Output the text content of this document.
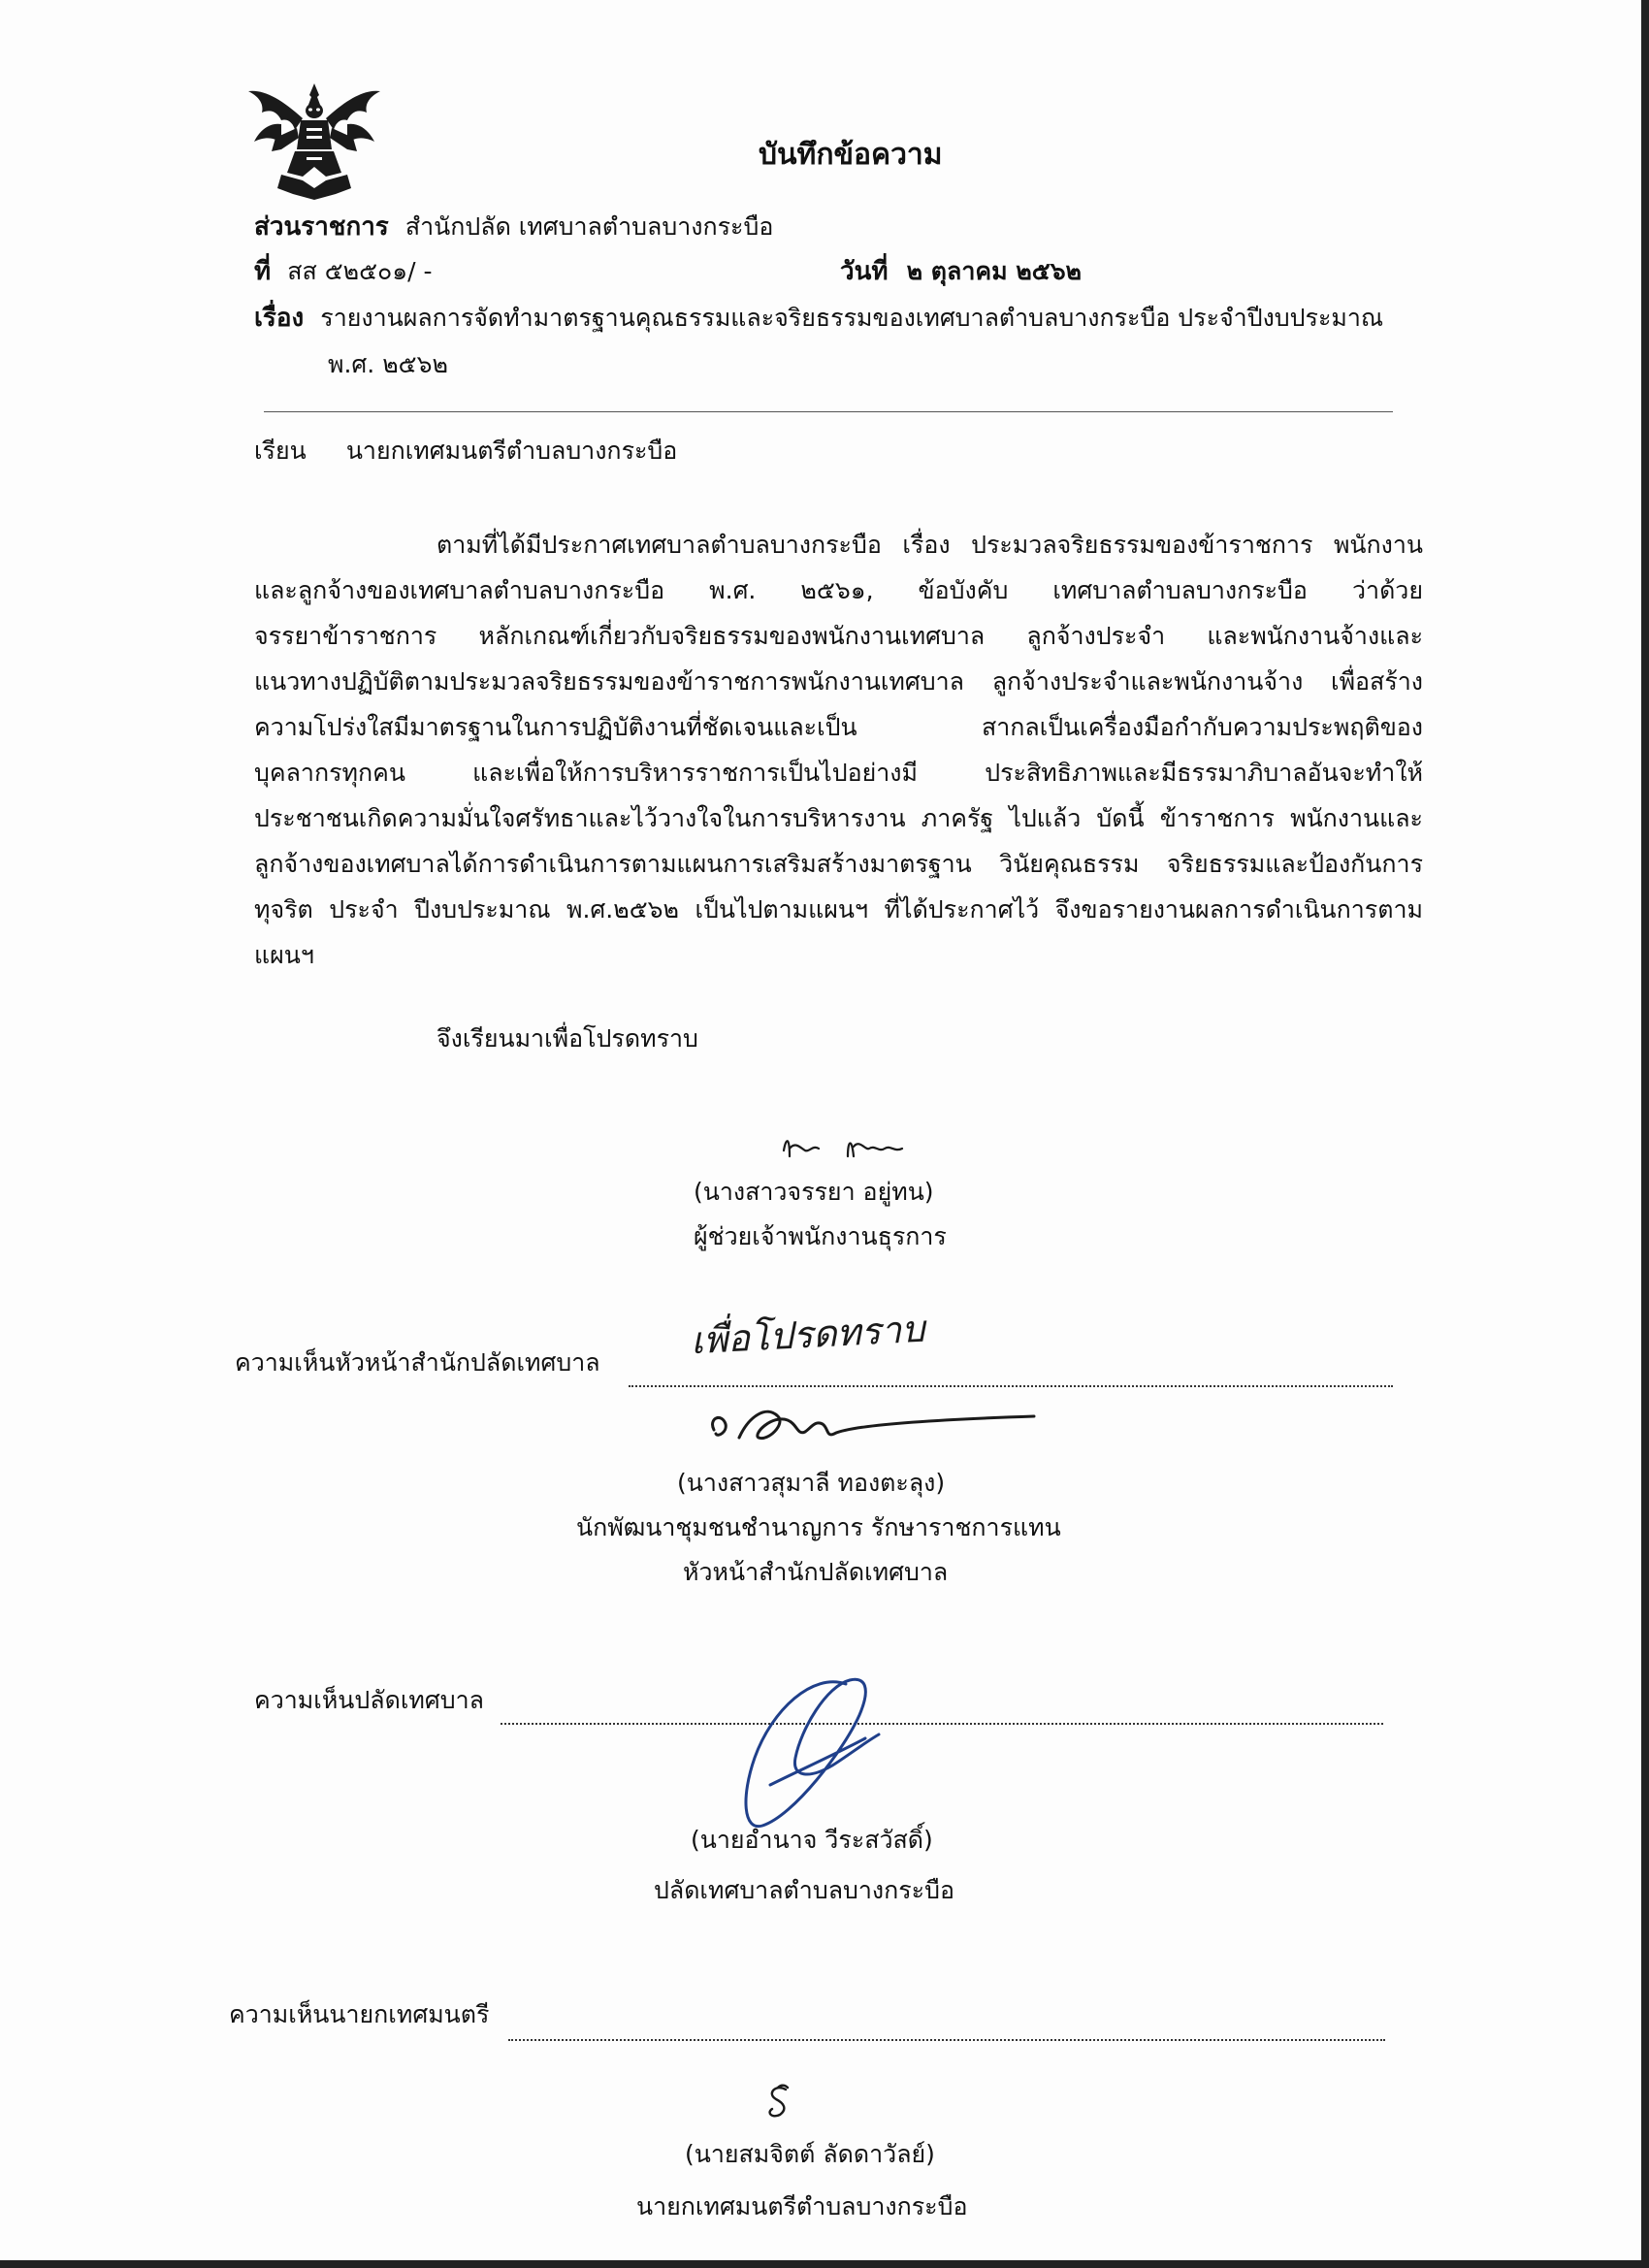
บันทึกข้อความ
ส่วนราชการ สำนักปลัด เทศบาลตำบลบางกระบือ
ที่ สส ๕๒๕๐๑/ -	วันที่ ๒ ตุลาคม ๒๕๖๒
เรื่อง รายงานผลการจัดทำมาตรฐานคุณธรรมและจริยธรรมของเทศบาลตำบลบางกระบือ ประจำปีงบประมาณ
พ.ศ. ๒๕๖๒
เรียน นายกเทศมนตรีตำบลบางกระบือ
ตามที่ได้มีประกาศเทศบาลตำบลบางกระบือ เรื่อง ประมวลจริยธรรมของข้าราชการ พนักงาน
และลูกจ้างของเทศบาลตำบลบางกระบือ พ.ศ. ๒๕๖๑, ข้อบังคับ เทศบาลตำบลบางกระบือ ว่าด้วย
จรรยาข้าราชการ หลักเกณฑ์เกี่ยวกับจริยธรรมของพนักงานเทศบาล ลูกจ้างประจำ และพนักงานจ้างและ
แนวทางปฏิบัติตามประมวลจริยธรรมของข้าราชการพนักงานเทศบาล ลูกจ้างประจำและพนักงานจ้าง เพื่อสร้าง
ความโปร่งใสมีมาตรฐานในการปฏิบัติงานที่ชัดเจนและเป็น สากลเป็นเครื่องมือกำกับความประพฤติของ
บุคลากรทุกคน และเพื่อให้การบริหารราชการเป็นไปอย่างมี ประสิทธิภาพและมีธรรมาภิบาลอันจะทำให้
ประชาชนเกิดความมั่นใจศรัทธาและไว้วางใจในการบริหารงาน ภาครัฐ ไปแล้ว บัดนี้ ข้าราชการ พนักงานและ
ลูกจ้างของเทศบาลได้การดำเนินการตามแผนการเสริมสร้างมาตรฐาน วินัยคุณธรรม จริยธรรมและป้องกันการ
ทุจริต ประจำ ปีงบประมาณ พ.ศ.๒๕๖๒ เป็นไปตามแผนฯ ที่ได้ประกาศไว้ จึงขอรายงานผลการดำเนินการตาม
แผนฯ
จึงเรียนมาเพื่อโปรดทราบ
(นางสาวจรรยา อยู่ทน)
ผู้ช่วยเจ้าพนักงานธุรการ
ความเห็นหัวหน้าสำนักปลัดเทศบาล
เพื่อโปรดทราบ
(นางสาวสุมาลี ทองตะลุง)
นักพัฒนาชุมชนชำนาญการ รักษาราชการแทน
หัวหน้าสำนักปลัดเทศบาล
ความเห็นปลัดเทศบาล
(นายอำนาจ วีระสวัสดิ์)
ปลัดเทศบาลตำบลบางกระบือ
ความเห็นนายกเทศมนตรี
(นายสมจิตต์ ลัดดาวัลย์)
นายกเทศมนตรีตำบลบางกระบือ
